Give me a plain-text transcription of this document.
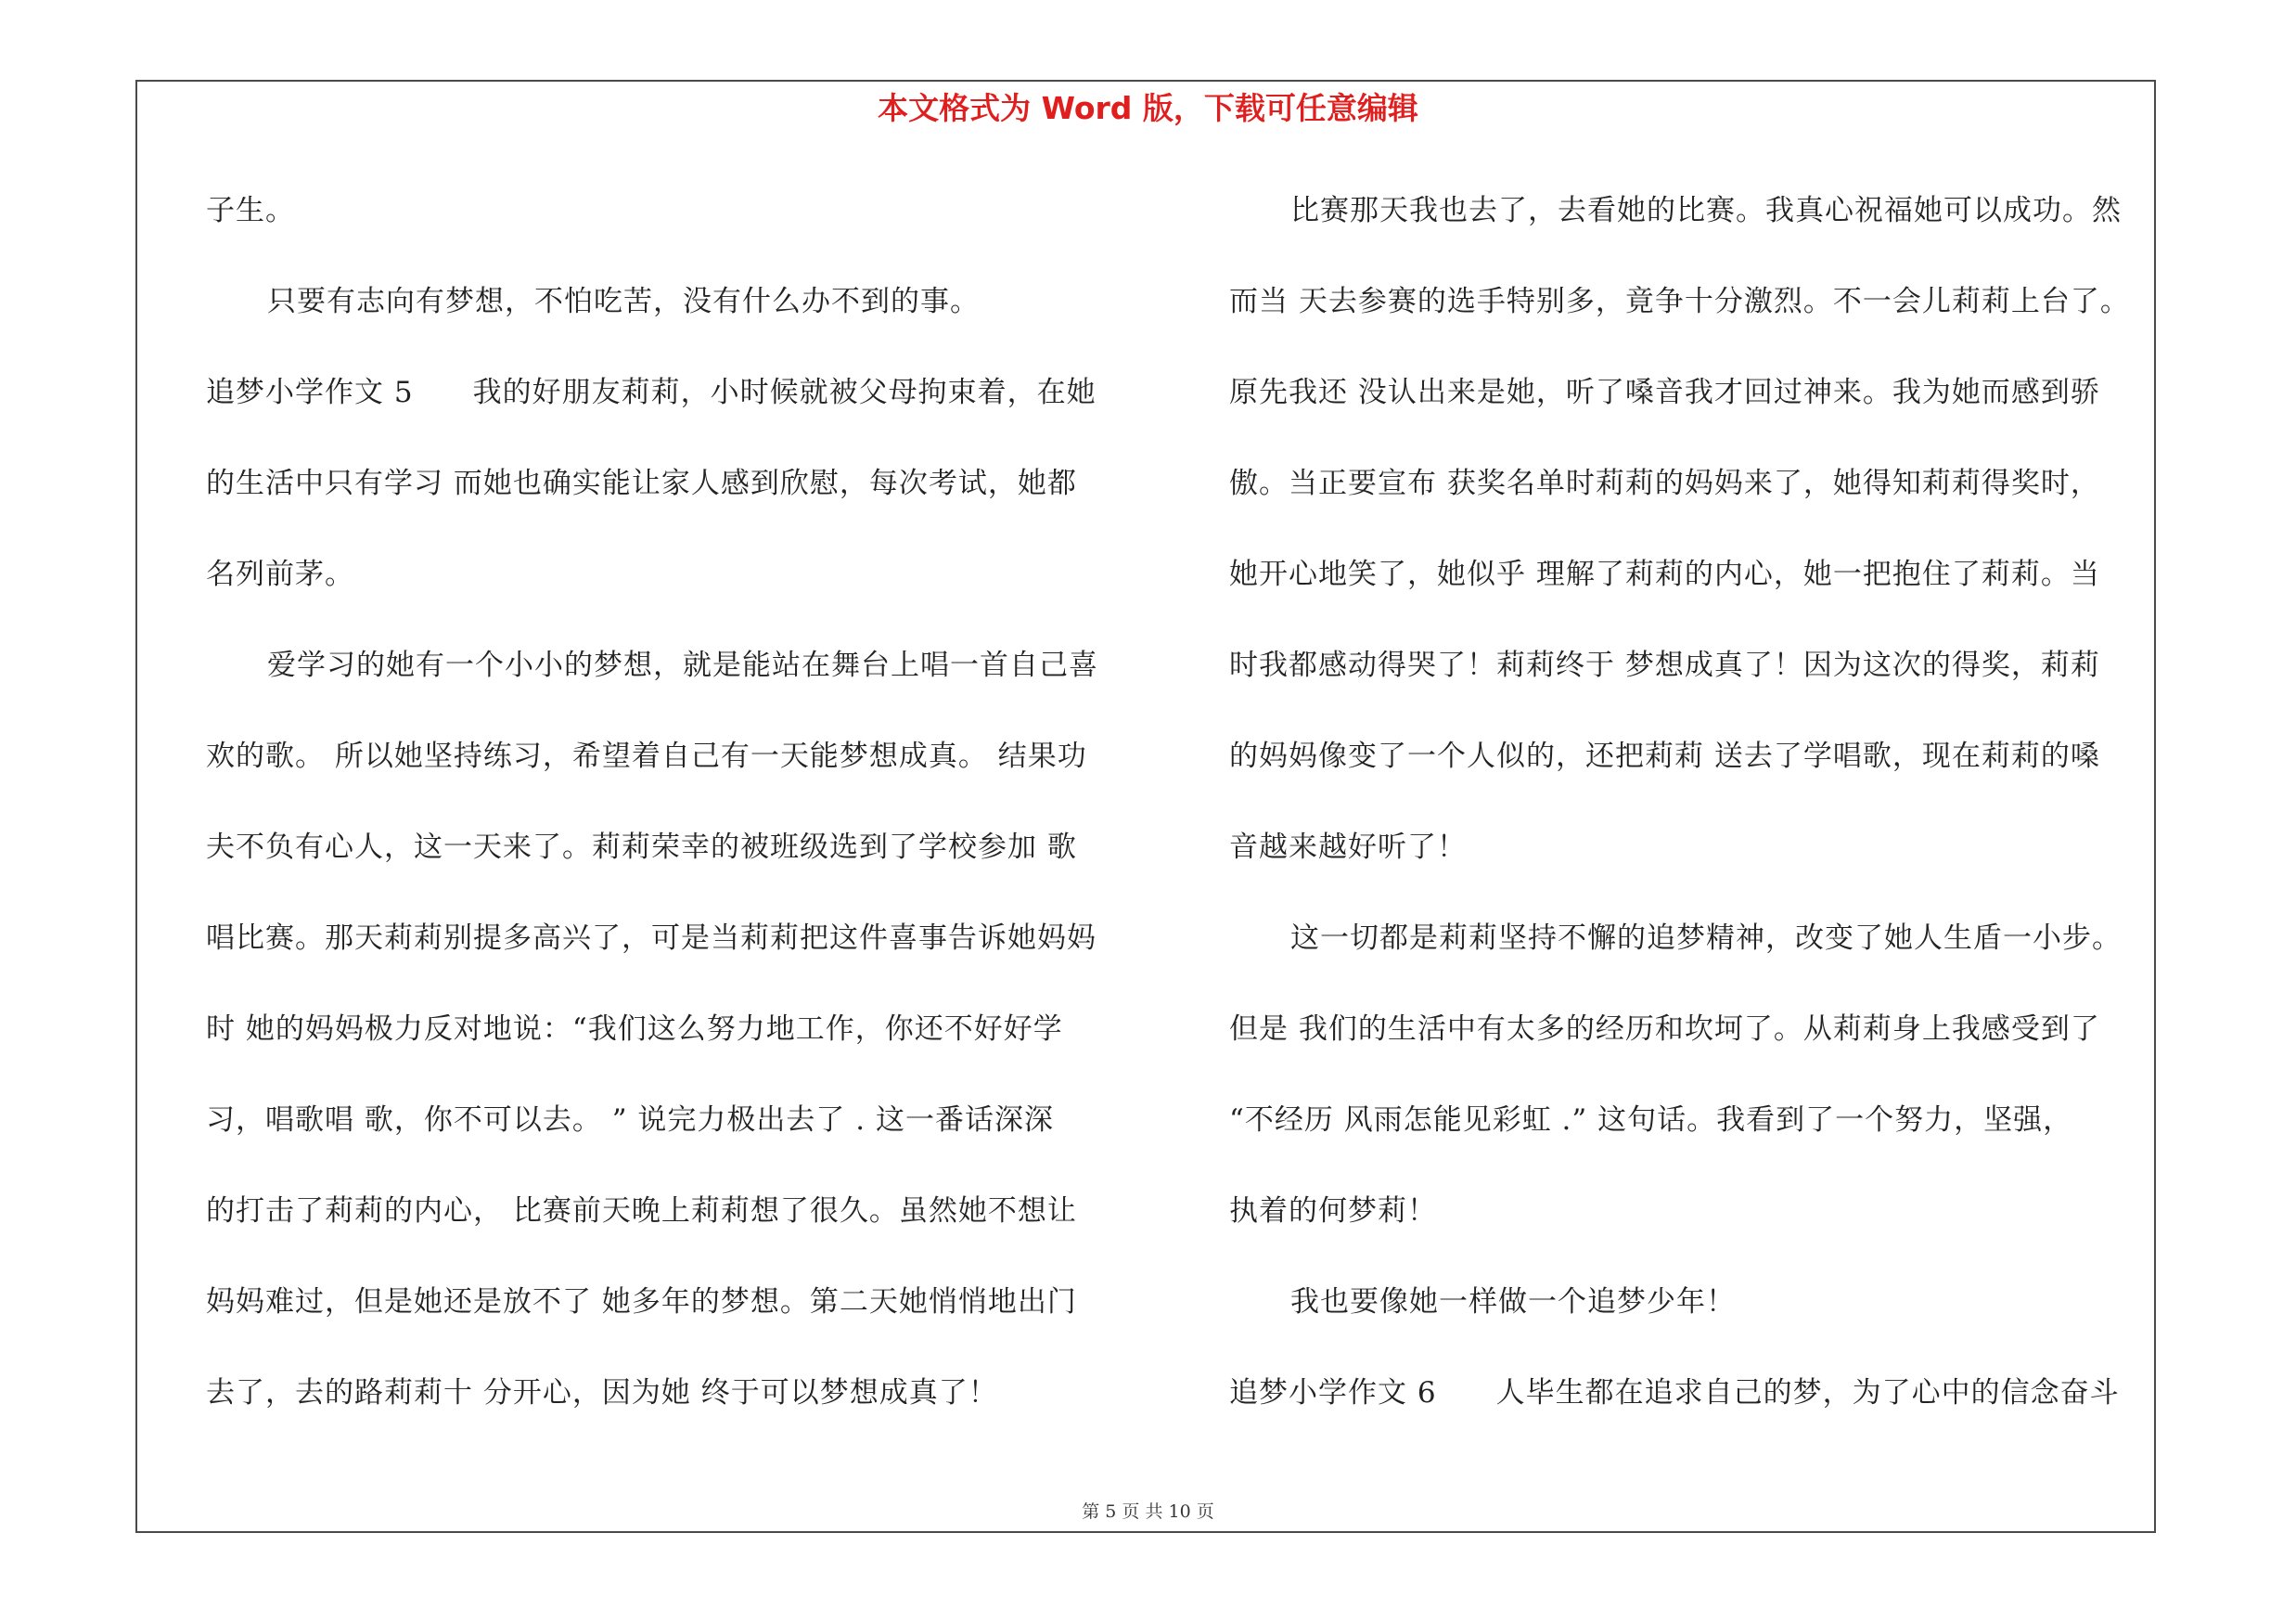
本文格式为 Word 版，下载可任意编辑
子生。
只要有志向有梦想，不怕吃苦，没有什么办不到的事。
追梦小学作文 5　　我的好朋友莉莉，小时候就被父母拘束着，在她
的生活中只有学习 而她也确实能让家人感到欣慰，每次考试，她都
名列前茅。
爱学习的她有一个小小的梦想，就是能站在舞台上唱一首自己喜
欢的歌。 所以她坚持练习，希望着自己有一天能梦想成真。 结果功
夫不负有心人，这一天来了。莉莉荣幸的被班级选到了学校参加 歌
唱比赛。那天莉莉别提多高兴了，可是当莉莉把这件喜事告诉她妈妈
时 她的妈妈极力反对地说：“我们这么努力地工作，你还不好好学
习，唱歌唱 歌，你不可以去。 ” 说完力极出去了 . 这一番话深深
的打击了莉莉的内心， 比赛前天晚上莉莉想了很久。虽然她不想让
妈妈难过，但是她还是放不了 她多年的梦想。第二天她悄悄地出门
去了，去的路莉莉十 分开心，因为她 终于可以梦想成真了！
比赛那天我也去了，去看她的比赛。我真心祝福她可以成功。然
而当 天去参赛的选手特别多，竟争十分激烈。不一会儿莉莉上台了。
原先我还 没认出来是她，听了嗓音我才回过神来。我为她而感到骄
傲。当正要宣布 获奖名单时莉莉的妈妈来了，她得知莉莉得奖时，
她开心地笑了，她似乎 理解了莉莉的内心，她一把抱住了莉莉。当
时我都感动得哭了！莉莉终于 梦想成真了！因为这次的得奖，莉莉
的妈妈像变了一个人似的，还把莉莉 送去了学唱歌，现在莉莉的嗓
音越来越好听了！
这一切都是莉莉坚持不懈的追梦精神，改变了她人生盾一小步。
但是 我们的生活中有太多的经历和坎坷了。从莉莉身上我感受到了
“不经历 风雨怎能见彩虹 .” 这句话。我看到了一个努力，坚强，
执着的何梦莉！
我也要像她一样做一个追梦少年！
追梦小学作文 6　　人毕生都在追求自己的梦，为了心中的信念奋斗
第 5 页 共 10 页
